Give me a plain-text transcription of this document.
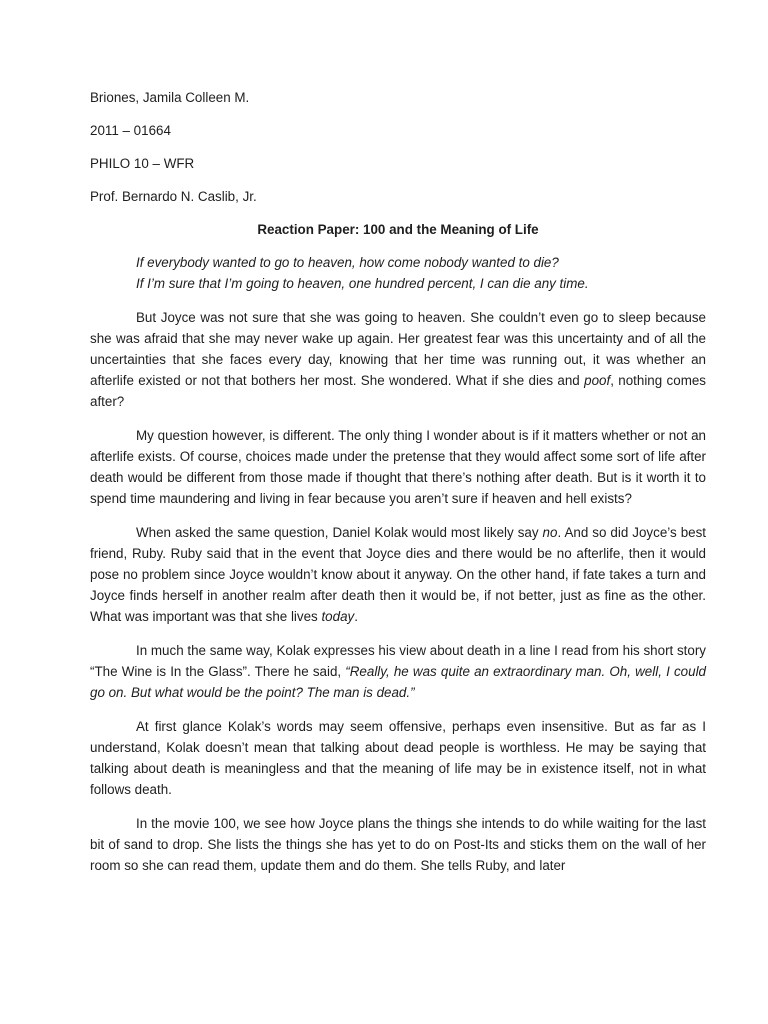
Briones, Jamila Colleen M.
2011 – 01664
PHILO 10 – WFR
Prof. Bernardo N. Caslib, Jr.
Reaction Paper: 100 and the Meaning of Life
If everybody wanted to go to heaven, how come nobody wanted to die?
If I’m sure that I’m going to heaven, one hundred percent, I can die any time.

But Joyce was not sure that she was going to heaven. She couldn’t even go to sleep because she was afraid that she may never wake up again. Her greatest fear was this uncertainty and of all the uncertainties that she faces every day, knowing that her time was running out, it was whether an afterlife existed or not that bothers her most. She wondered. What if she dies and poof, nothing comes after?

My question however, is different. The only thing I wonder about is if it matters whether or not an afterlife exists. Of course, choices made under the pretense that they would affect some sort of life after death would be different from those made if thought that there’s nothing after death. But is it worth it to spend time maundering and living in fear because you aren’t sure if heaven and hell exists?

When asked the same question, Daniel Kolak would most likely say no. And so did Joyce’s best friend, Ruby. Ruby said that in the event that Joyce dies and there would be no afterlife, then it would pose no problem since Joyce wouldn’t know about it anyway. On the other hand, if fate takes a turn and Joyce finds herself in another realm after death then it would be, if not better, just as fine as the other. What was important was that she lives today.

In much the same way, Kolak expresses his view about death in a line I read from his short story “The Wine is In the Glass”. There he said, “Really, he was quite an extraordinary man. Oh, well, I could go on. But what would be the point? The man is dead.”

At first glance Kolak’s words may seem offensive, perhaps even insensitive. But as far as I understand, Kolak doesn’t mean that talking about dead people is worthless. He may be saying that talking about death is meaningless and that the meaning of life may be in existence itself, not in what follows death.

In the movie 100, we see how Joyce plans the things she intends to do while waiting for the last bit of sand to drop. She lists the things she has yet to do on Post-Its and sticks them on the wall of her room so she can read them, update them and do them. She tells Ruby, and later
